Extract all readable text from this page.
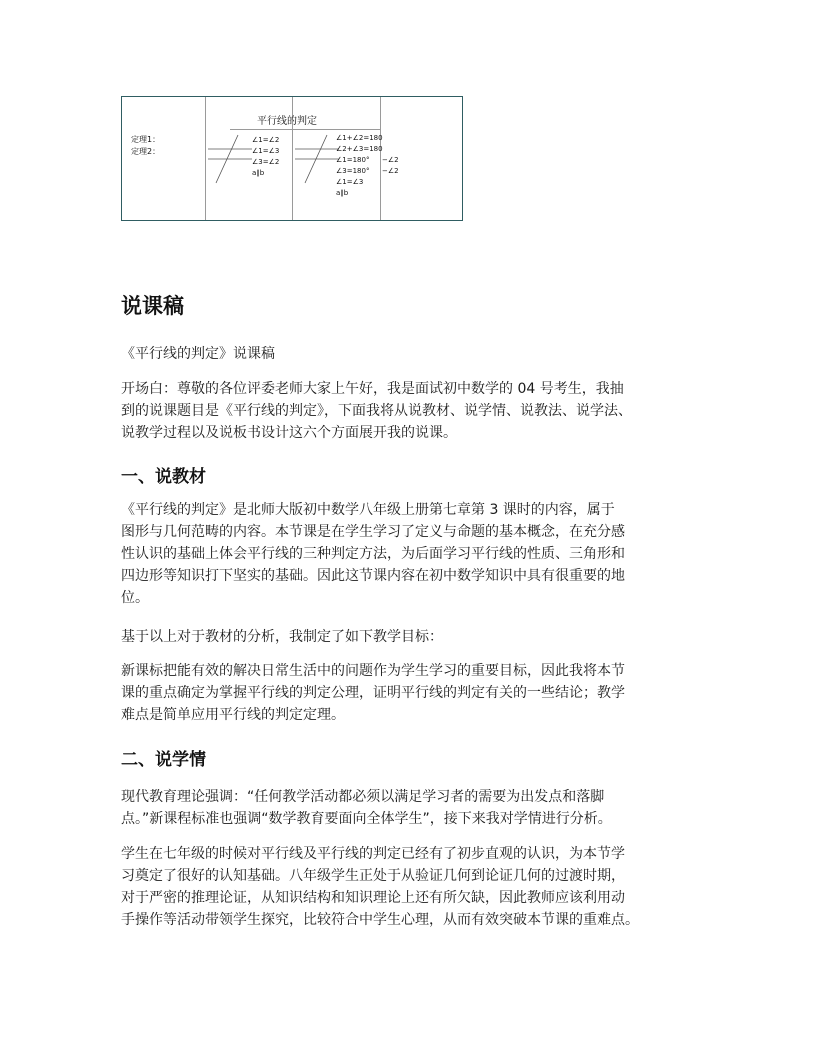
平行线的判定
定理1：
定理2：
∠1=∠2
∠1=∠3
∠3=∠2
a∥b
∠1+∠2=180
∠2+∠3=180
∠1=180°
∠3=180°
∠1=∠3
a∥b
−∠2
−∠2
说课稿
《平行线的判定》说课稿
开场白：尊敬的各位评委老师大家上午好，我是面试初中数学的 04 号考生，我抽
到的说课题目是《平行线的判定》，下面我将从说教材、说学情、说教法、说学法、
说教学过程以及说板书设计这六个方面展开我的说课。
一、说教材
《平行线的判定》是北师大版初中数学八年级上册第七章第 3 课时的内容，属于
图形与几何范畴的内容。本节课是在学生学习了定义与命题的基本概念，在充分感
性认识的基础上体会平行线的三种判定方法，为后面学习平行线的性质、三角形和
四边形等知识打下坚实的基础。因此这节课内容在初中数学知识中具有很重要的地
位。
基于以上对于教材的分析，我制定了如下教学目标：
新课标把能有效的解决日常生活中的问题作为学生学习的重要目标，因此我将本节
课的重点确定为掌握平行线的判定公理，证明平行线的判定有关的一些结论；教学
难点是简单应用平行线的判定定理。
二、说学情
现代教育理论强调：“任何教学活动都必须以满足学习者的需要为出发点和落脚
点。”新课程标准也强调“数学教育要面向全体学生”，接下来我对学情进行分析。
学生在七年级的时候对平行线及平行线的判定已经有了初步直观的认识，为本节学
习奠定了很好的认知基础。八年级学生正处于从验证几何到论证几何的过渡时期，
对于严密的推理论证，从知识结构和知识理论上还有所欠缺，因此教师应该利用动
手操作等活动带领学生探究，比较符合中学生心理，从而有效突破本节课的重难点。
